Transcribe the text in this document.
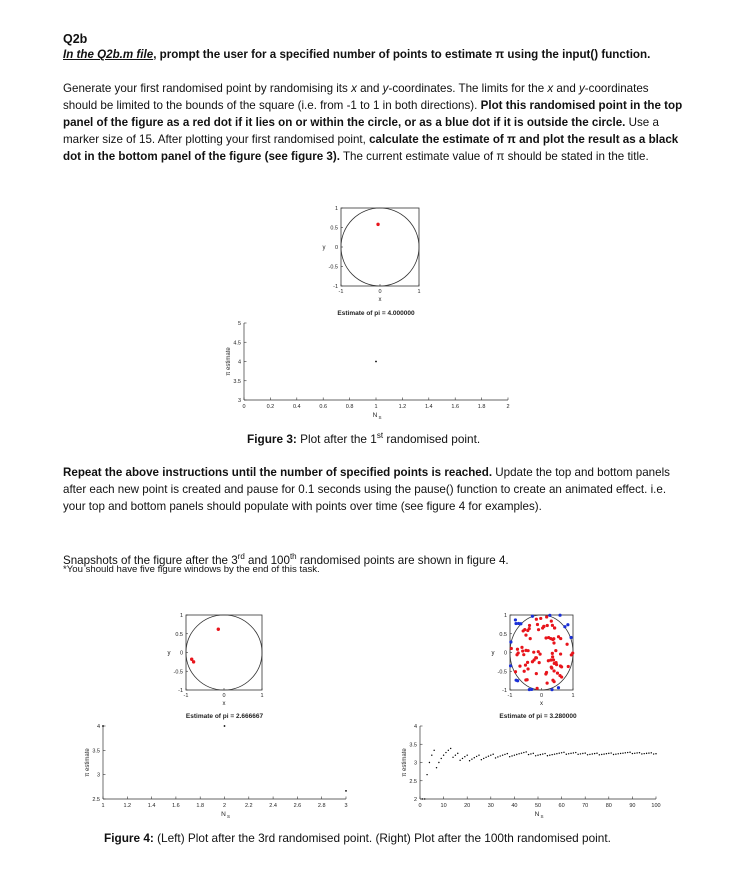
Q2b
In the Q2b.m file, prompt the user for a specified number of points to estimate π using the input() function.
Generate your first randomised point by randomising its x and y-coordinates. The limits for the x and y-coordinates should be limited to the bounds of the square (i.e. from -1 to 1 in both directions). Plot this randomised point in the top panel of the figure as a red dot if it lies on or within the circle, or as a blue dot if it is outside the circle. Use a marker size of 15. After plotting your first randomised point, calculate the estimate of π and plot the result as a black dot in the bottom panel of the figure (see figure 3). The current estimate value of π should be stated in the title.
Repeat the above instructions until the number of specified points is reached. Update the top and bottom panels after each new point is created and pause for 0.1 seconds using the pause() function to create an animated effect. i.e. your top and bottom panels should populate with points over time (see figure 4 for examples).
Snapshots of the figure after the 3rd and 100th randomised points are shown in figure 4.
*You should have five figure windows by the end of this task.
Figure 3: Plot after the 1st randomised point.
Figure 4: (Left) Plot after the 3rd randomised point. (Right) Plot after the 100th randomised point.
1
0.5
0
-0.5
-1
-1	0	1
x
y
Estimate of pi = 4.000000
5
4.5
4
3.5
3
0	0.2	0.4	0.6	0.8	1	1.2	1.4	1.6	1.8	2
N S
π estimate
1
0.5
0
-0.5
-1
-1	0	1
x
y
Estimate of pi = 2.666667
4
3.5
3
2.5
1	1.2	1.4	1.6	1.8	2	2.2	2.4	2.6	2.8	3
N S
π estimate
1
0.5
0
-0.5
-1
-1	0	1
x
y
Estimate of pi = 3.280000
4
3.5
3
2.5
2
0	10	20	30	40	50	60	70	80	90	100
N S
π estimate
